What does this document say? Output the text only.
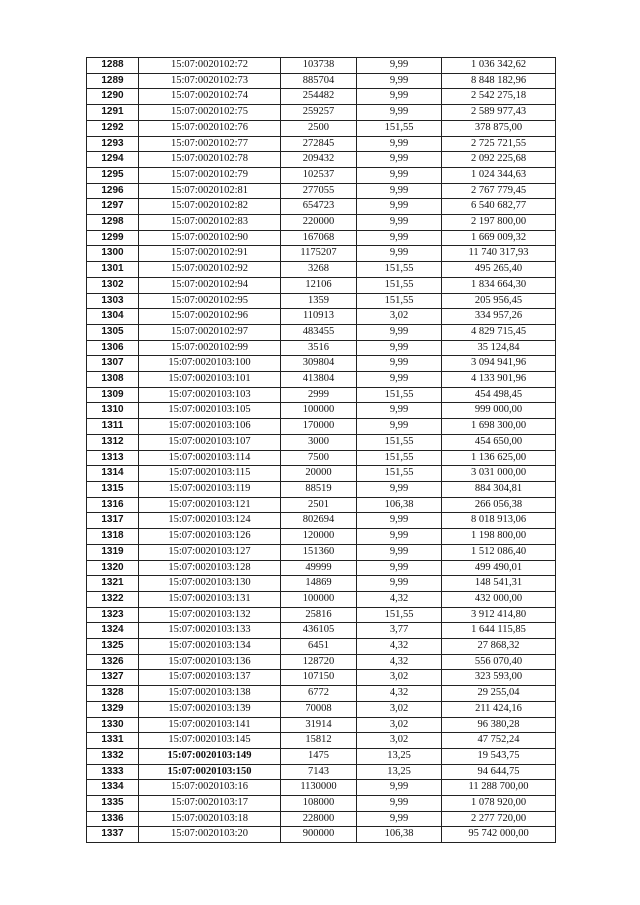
1288	15:07:0020102:72	103738	9,99	1 036 342,62
1289	15:07:0020102:73	885704	9,99	8 848 182,96
1290	15:07:0020102:74	254482	9,99	2 542 275,18
1291	15:07:0020102:75	259257	9,99	2 589 977,43
1292	15:07:0020102:76	2500	151,55	378 875,00
1293	15:07:0020102:77	272845	9,99	2 725 721,55
1294	15:07:0020102:78	209432	9,99	2 092 225,68
1295	15:07:0020102:79	102537	9,99	1 024 344,63
1296	15:07:0020102:81	277055	9,99	2 767 779,45
1297	15:07:0020102:82	654723	9,99	6 540 682,77
1298	15:07:0020102:83	220000	9,99	2 197 800,00
1299	15:07:0020102:90	167068	9,99	1 669 009,32
1300	15:07:0020102:91	1175207	9,99	11 740 317,93
1301	15:07:0020102:92	3268	151,55	495 265,40
1302	15:07:0020102:94	12106	151,55	1 834 664,30
1303	15:07:0020102:95	1359	151,55	205 956,45
1304	15:07:0020102:96	110913	3,02	334 957,26
1305	15:07:0020102:97	483455	9,99	4 829 715,45
1306	15:07:0020102:99	3516	9,99	35 124,84
1307	15:07:0020103:100	309804	9,99	3 094 941,96
1308	15:07:0020103:101	413804	9,99	4 133 901,96
1309	15:07:0020103:103	2999	151,55	454 498,45
1310	15:07:0020103:105	100000	9,99	999 000,00
1311	15:07:0020103:106	170000	9,99	1 698 300,00
1312	15:07:0020103:107	3000	151,55	454 650,00
1313	15:07:0020103:114	7500	151,55	1 136 625,00
1314	15:07:0020103:115	20000	151,55	3 031 000,00
1315	15:07:0020103:119	88519	9,99	884 304,81
1316	15:07:0020103:121	2501	106,38	266 056,38
1317	15:07:0020103:124	802694	9,99	8 018 913,06
1318	15:07:0020103:126	120000	9,99	1 198 800,00
1319	15:07:0020103:127	151360	9,99	1 512 086,40
1320	15:07:0020103:128	49999	9,99	499 490,01
1321	15:07:0020103:130	14869	9,99	148 541,31
1322	15:07:0020103:131	100000	4,32	432 000,00
1323	15:07:0020103:132	25816	151,55	3 912 414,80
1324	15:07:0020103:133	436105	3,77	1 644 115,85
1325	15:07:0020103:134	6451	4,32	27 868,32
1326	15:07:0020103:136	128720	4,32	556 070,40
1327	15:07:0020103:137	107150	3,02	323 593,00
1328	15:07:0020103:138	6772	4,32	29 255,04
1329	15:07:0020103:139	70008	3,02	211 424,16
1330	15:07:0020103:141	31914	3,02	96 380,28
1331	15:07:0020103:145	15812	3,02	47 752,24
1332	15:07:0020103:149	1475	13,25	19 543,75
1333	15:07:0020103:150	7143	13,25	94 644,75
1334	15:07:0020103:16	1130000	9,99	11 288 700,00
1335	15:07:0020103:17	108000	9,99	1 078 920,00
1336	15:07:0020103:18	228000	9,99	2 277 720,00
1337	15:07:0020103:20	900000	106,38	95 742 000,00
